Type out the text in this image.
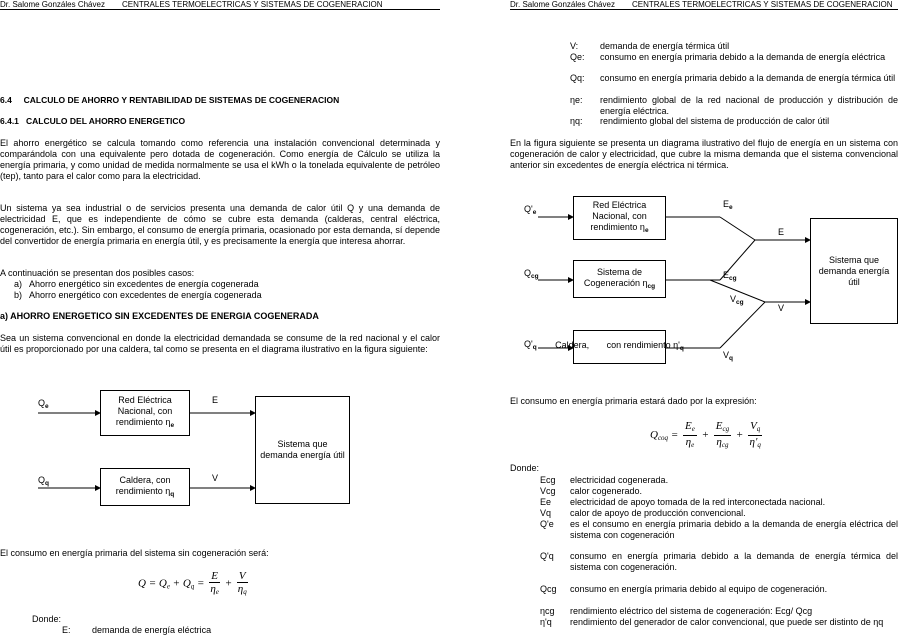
Dr. Salome Gonzáles Chávez CENTRALES TERMOELECTRICAS Y SISTEMAS DE COGENERACION
6.4     CALCULO DE AHORRO Y RENTABILIDAD DE SISTEMAS DE COGENERACION
6.4.1   CALCULO DEL AHORRO ENERGETICO
El ahorro energético se calcula tomando como referencia una instalación convencional determinada y comparándola con una equivalente pero dotada de cogeneración. Como energía de Cálculo se utiliza la energía primaria, y como unidad de medida normalmente se usa el kWh o la tonelada equivalente de petróleo (tep), tanto para el calor como para la electricidad.
Un sistema ya sea industrial o de servicios presenta una demanda de calor útil Q y una demanda de electricidad E, que es independiente de cómo se cubre esta demanda (calderas, central eléctrica, cogeneración, etc.). Sin embargo, el consumo de energía primaria, ocasionado por esta demanda, sí depende del convertidor de energía primaria en energía útil, y es precisamente la energía que interesa ahorrar.
A continuación se presentan dos posibles casos:
a)   Ahorro energético sin excedentes de energía cogenerada
b)   Ahorro energético con excedentes de energía cogenerada
a) AHORRO ENERGETICO SIN EXCEDENTES DE ENERGIA COGENERADA
Sea un sistema convencional en donde la electricidad demandada se consume de la red nacional y el calor útil es proporcionado por una caldera, tal como se presenta en el diagrama ilustrativo en la figura siguiente:
$Q_e$
$Q_q$
Red Eléctrica Nacional, con rendimiento $\eta_e$
Caldera, con rendimiento $\eta_q$
E
V
Sistema que demanda energía útil
El consumo en energía primaria del sistema sin cogeneración será:
$Q = Qe + Qq = \frac{E}{\eta e} + \frac{V}{\eta q}$
Donde:
E: demanda de energía eléctrica
Dr. Salome Gonzáles Chávez CENTRALES TERMOELECTRICAS Y SISTEMAS DE COGENERACION
V: demanda de energía térmica útil
Qe: consumo en energía primaria debido a la demanda de energía eléctrica
Qq: consumo en energía primaria debido a la demanda de energía térmica útil
ηe: rendimiento global de la red nacional de producción y distribución de energía eléctrica.
ηq: rendimiento global del sistema de producción de calor útil
En la figura siguiente se presenta un diagrama ilustrativo del flujo de energía en un sistema con cogeneración de calor y electricidad, que cubre la misma demanda que el sistema convencional anterior sin excedentes de energía eléctrica ni térmica.
$Q'_e$
$Q_{cg}$
$Q'_q$
Red Eléctrica Nacional, con rendimiento $\eta_e$
Sistema de Cogeneración $\eta_{cg}$
Caldera,       con rendimiento $\eta'_q$
$E_e$
$E_{cg}$
$V_{cg}$
$V_q$
E
V
Sistema que demanda energía útil
El consumo en energía primaria estará dado por la expresión:
Qcoq = $\frac{Ee}{\eta e} + \frac{\text{Ecg}}{\text{ηcg}} + \frac{Vq}{\eta'q}$
Donde:
Ecg electricidad cogenerada.
Vcg calor cogenerado.
Ee electricidad de apoyo tomada de la red interconectada nacional.
Vq calor de apoyo de producción convencional.
Q'e es el consumo en energía primaria debido a la demanda de energía eléctrica del sistema con cogeneración
Q'q consumo en energía primaria debido a la demanda de energía térmica del sistema con cogeneración.
Qcg consumo en energía primaria debido al equipo de cogeneración.
ηcg rendimiento eléctrico del sistema de cogeneración: Ecg/ Qcg
η'q rendimiento del generador de calor convencional, que puede ser distinto de ηq
